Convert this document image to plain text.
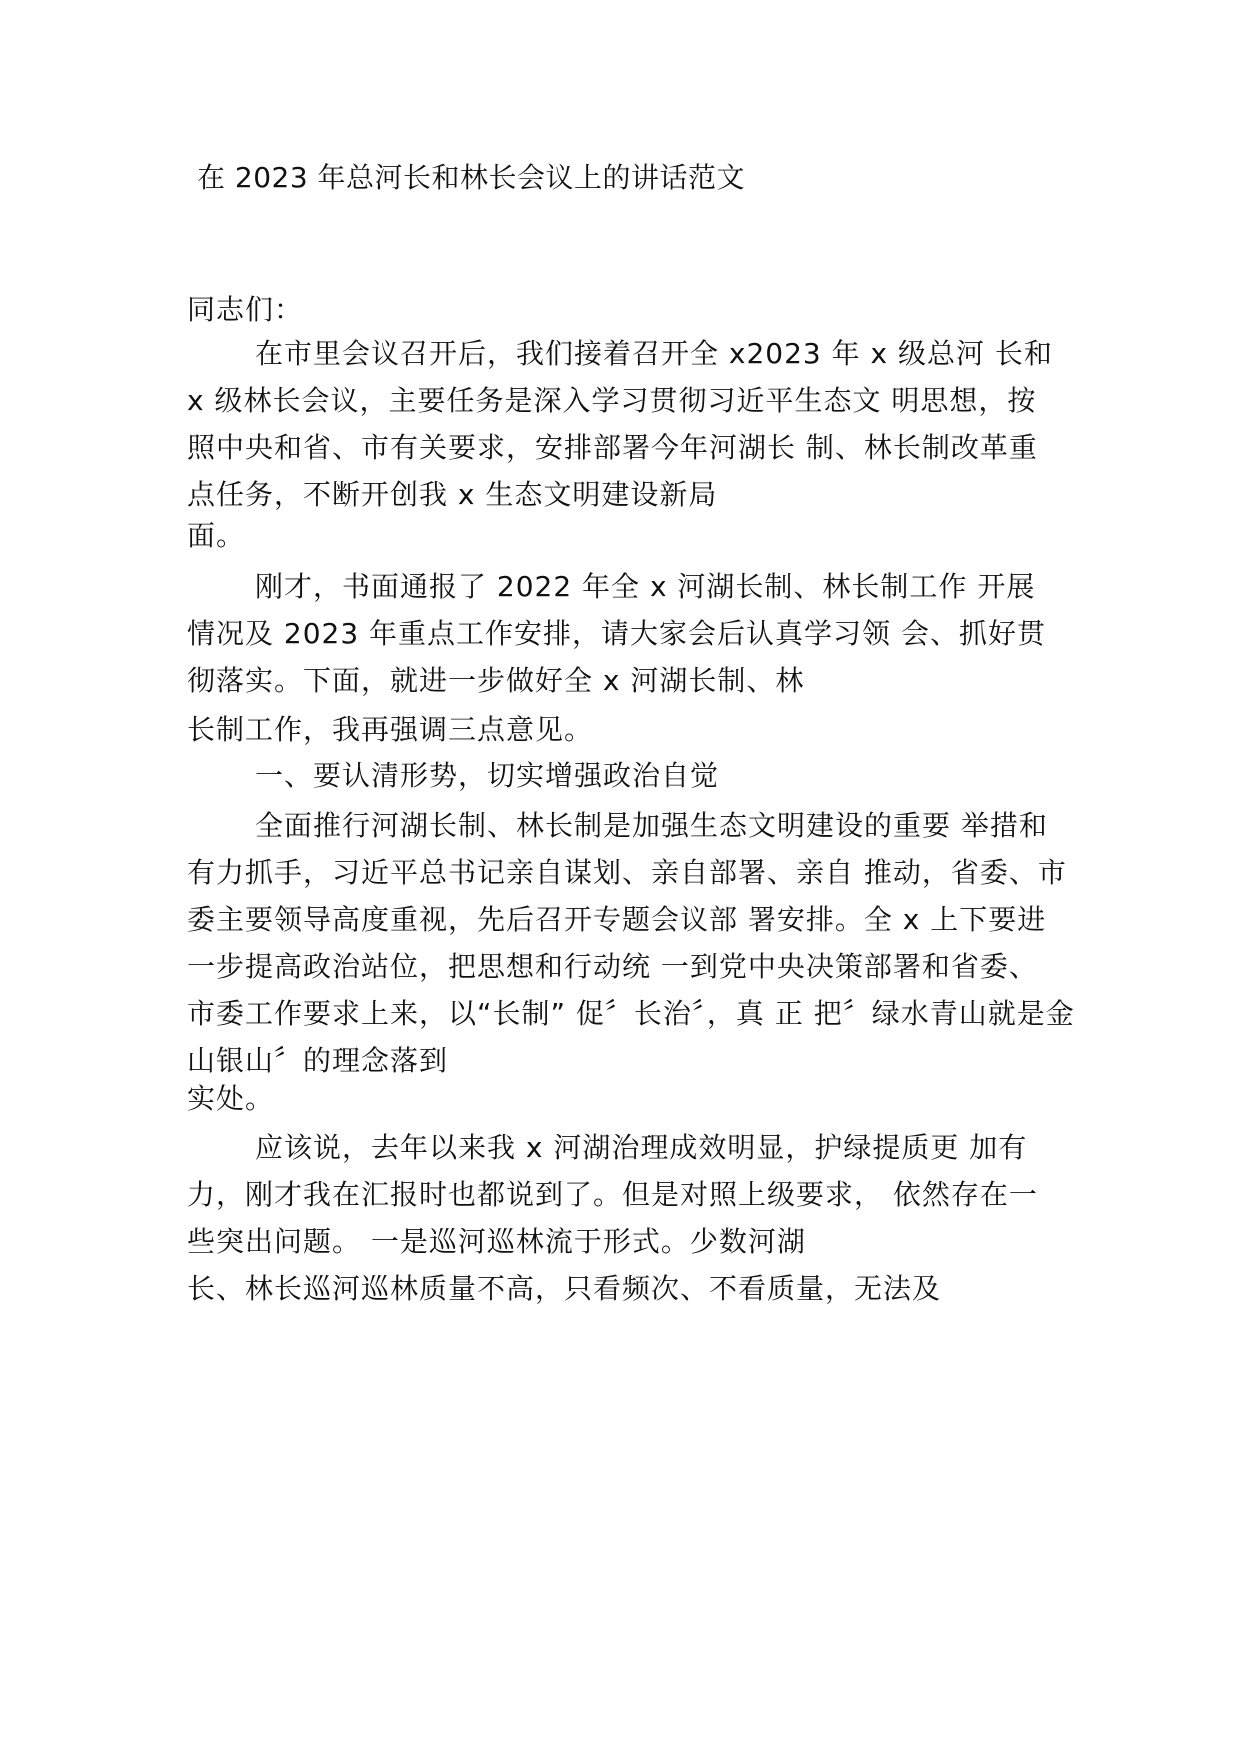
在 2023 年总河长和林长会议上的讲话范文
同志们：
在市里会议召开后，我们接着召开全 x2023 年 x 级总河 长和
x 级林长会议，主要任务是深入学习贯彻习近平生态文 明思想，按
照中央和省、市有关要求，安排部署今年河湖长 制、林长制改革重
点任务，不断开创我 x 生态文明建设新局
面。
刚才，书面通报了 2022 年全 x 河湖长制、林长制工作 开展
情况及 2023 年重点工作安排，请大家会后认真学习领 会、抓好贯
彻落实。下面，就进一步做好全 x 河湖长制、林
长制工作，我再强调三点意见。
一、要认清形势，切实增强政治自觉
全面推行河湖长制、林长制是加强生态文明建设的重要 举措和
有力抓手，习近平总书记亲自谋划、亲自部署、亲自 推动，省委、市
委主要领导高度重视，先后召开专题会议部 署安排。全 x 上下要进
一步提高政治站位，把思想和行动统 一到党中央决策部署和省委、
市委工作要求上来，以“长制” 促〞长治〞，真 正 把〞绿水青山就是金
山银山〞的理念落到
实处。
应该说，去年以来我 x 河湖治理成效明显，护绿提质更 加有
力，刚才我在汇报时也都说到了。但是对照上级要求， 依然存在一
些突出问题。 一是巡河巡林流于形式。少数河湖
长、林长巡河巡林质量不高，只看频次、不看质量，无法及
